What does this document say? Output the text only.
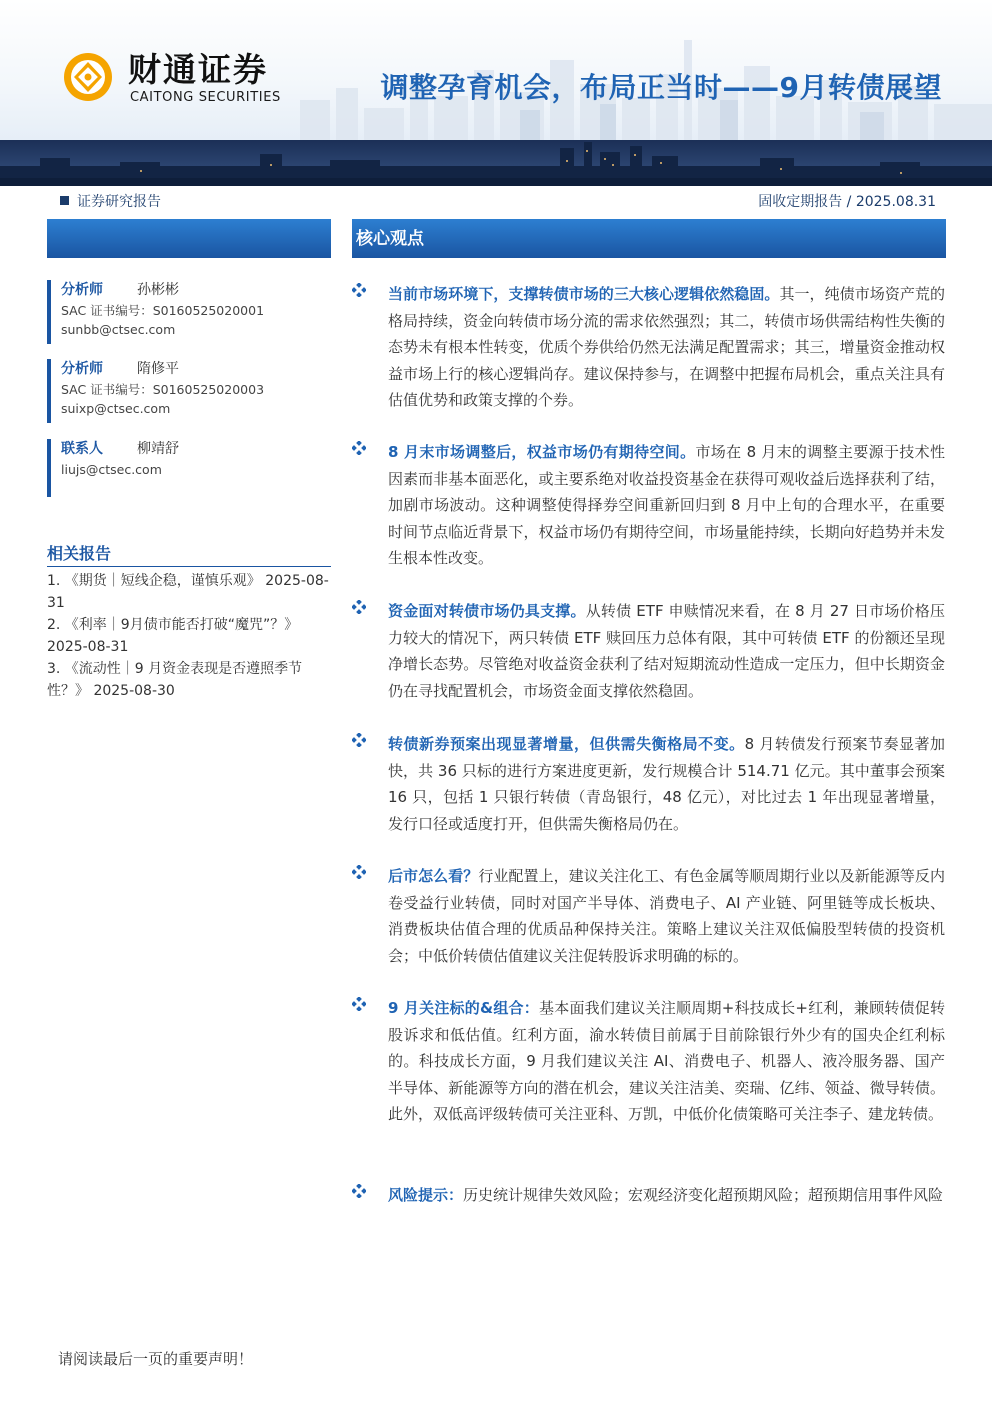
财通证券
CAITONG SECURITIES	调整孕育机会，布局正当时——9月转债展望
证券研究报告	固收定期报告 / 2025.08.31
分析师 孙彬彬
SAC 证书编号：S0160525020001
sunbb@ctsec.com
分析师 隋修平
SAC 证书编号：S0160525020003
suixp@ctsec.com
联系人 柳靖舒
liujs@ctsec.com
相关报告
1. 《期货｜短线企稳，谨慎乐观》 2025-08-31
2. 《利率｜9月债市能否打破“魔咒”？》 2025-08-31
3. 《流动性｜9 月资金表现是否遵照季节性？》 2025-08-30
核心观点
当前市场环境下，支撑转债市场的三大核心逻辑依然稳固。其一，纯债市场资产荒的格局持续，资金向转债市场分流的需求依然强烈；其二，转债市场供需结构性失衡的态势未有根本性转变，优质个券供给仍然无法满足配置需求；其三，增量资金推动权益市场上行的核心逻辑尚存。建议保持参与，在调整中把握布局机会，重点关注具有估值优势和政策支撑的个券。
8 月末市场调整后，权益市场仍有期待空间。市场在 8 月末的调整主要源于技术性因素而非基本面恶化，或主要系绝对收益投资基金在获得可观收益后选择获利了结，加剧市场波动。这种调整使得择券空间重新回归到 8 月中上旬的合理水平，在重要时间节点临近背景下，权益市场仍有期待空间，市场量能持续，长期向好趋势并未发生根本性改变。
资金面对转债市场仍具支撑。从转债 ETF 申赎情况来看，在 8 月 27 日市场价格压力较大的情况下，两只转债 ETF 赎回压力总体有限，其中可转债 ETF 的份额还呈现净增长态势。尽管绝对收益资金获利了结对短期流动性造成一定压力，但中长期资金仍在寻找配置机会，市场资金面支撑依然稳固。
转债新券预案出现显著增量，但供需失衡格局不变。8 月转债发行预案节奏显著加快，共 36 只标的进行方案进度更新，发行规模合计 514.71 亿元。其中董事会预案 16 只，包括 1 只银行转债（青岛银行，48 亿元），对比过去 1 年出现显著增量，发行口径或适度打开，但供需失衡格局仍在。
后市怎么看？行业配置上，建议关注化工、有色金属等顺周期行业以及新能源等反内卷受益行业转债，同时对国产半导体、消费电子、AI 产业链、阿里链等成长板块、消费板块估值合理的优质品种保持关注。策略上建议关注双低偏股型转债的投资机会；中低价转债估值建议关注促转股诉求明确的标的。
9 月关注标的&组合：基本面我们建议关注顺周期+科技成长+红利，兼顾转债促转股诉求和低估值。红利方面，渝水转债目前属于目前除银行外少有的国央企红利标的。科技成长方面，9 月我们建议关注 AI、消费电子、机器人、液冷服务器、国产半导体、新能源等方向的潜在机会，建议关注洁美、奕瑞、亿纬、领益、微导转债。此外，双低高评级转债可关注亚科、万凯，中低价化债策略可关注李子、建龙转债。
风险提示：历史统计规律失效风险；宏观经济变化超预期风险；超预期信用事件风险
请阅读最后一页的重要声明！
